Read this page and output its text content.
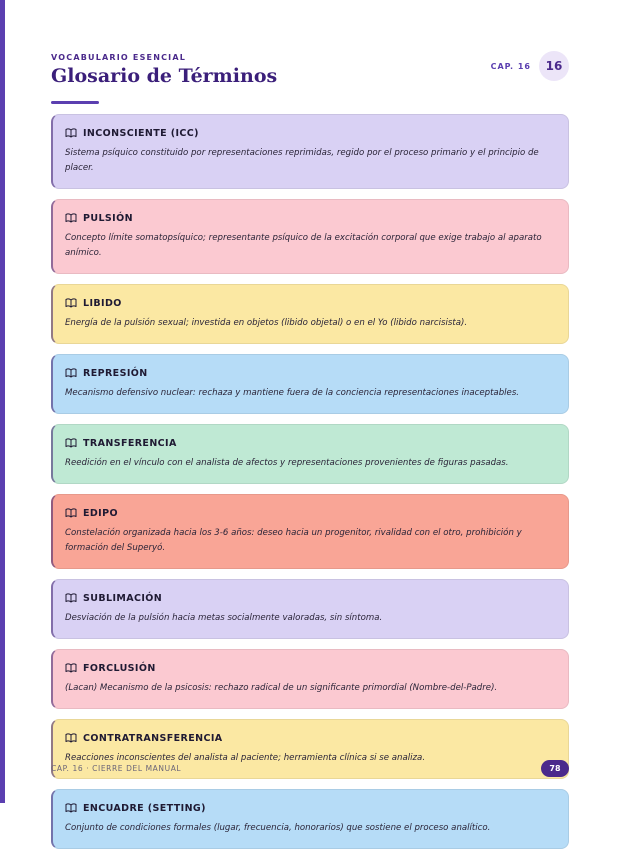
VOCABULARIO ESENCIAL
Glosario de Términos	CAP. 16	16
INCONSCIENTE (ICC)
Sistema psíquico constituido por representaciones reprimidas, regido por el proceso primario y el principio de placer.
PULSIÓN
Concepto límite somatopsíquico; representante psíquico de la excitación corporal que exige trabajo al aparato anímico.
LIBIDO
Energía de la pulsión sexual; investida en objetos (libido objetal) o en el Yo (libido narcisista).
REPRESIÓN
Mecanismo defensivo nuclear: rechaza y mantiene fuera de la conciencia representaciones inaceptables.
TRANSFERENCIA
Reedición en el vínculo con el analista de afectos y representaciones provenientes de figuras pasadas.
EDIPO
Constelación organizada hacia los 3-6 años: deseo hacia un progenitor, rivalidad con el otro, prohibición y formación del Superyó.
SUBLIMACIÓN
Desviación de la pulsión hacia metas socialmente valoradas, sin síntoma.
FORCLUSIÓN
(Lacan) Mecanismo de la psicosis: rechazo radical de un significante primordial (Nombre-del-Padre).
CONTRATRANSFERENCIA
Reacciones inconscientes del analista al paciente; herramienta clínica si se analiza.
ENCUADRE (SETTING)
Conjunto de condiciones formales (lugar, frecuencia, honorarios) que sostiene el proceso analítico.
CAP. 16 · CIERRE DEL MANUAL	78
